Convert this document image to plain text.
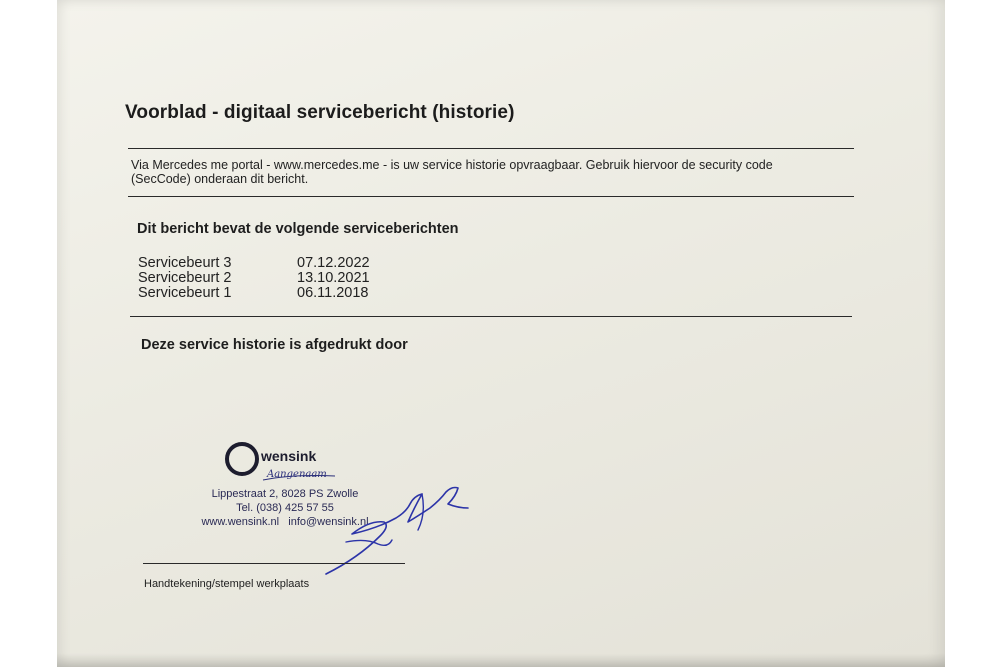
Voorblad - digitaal servicebericht (historie)

Via Mercedes me portal - www.mercedes.me - is uw service historie opvraagbaar. Gebruik hiervoor de security code (SecCode) onderaan dit bericht.

Dit bericht bevat de volgende serviceberichten
Servicebeurt 3	07.12.2022
Servicebeurt 2	13.10.2021
Servicebeurt 1	06.11.2018
Deze service historie is afgedrukt door
wensink
Aangenaam
Lippestraat 2, 8028 PS Zwolle
Tel. (038) 425 57 55
www.wensink.nl   info@wensink.nl
Handtekening/stempel werkplaats
